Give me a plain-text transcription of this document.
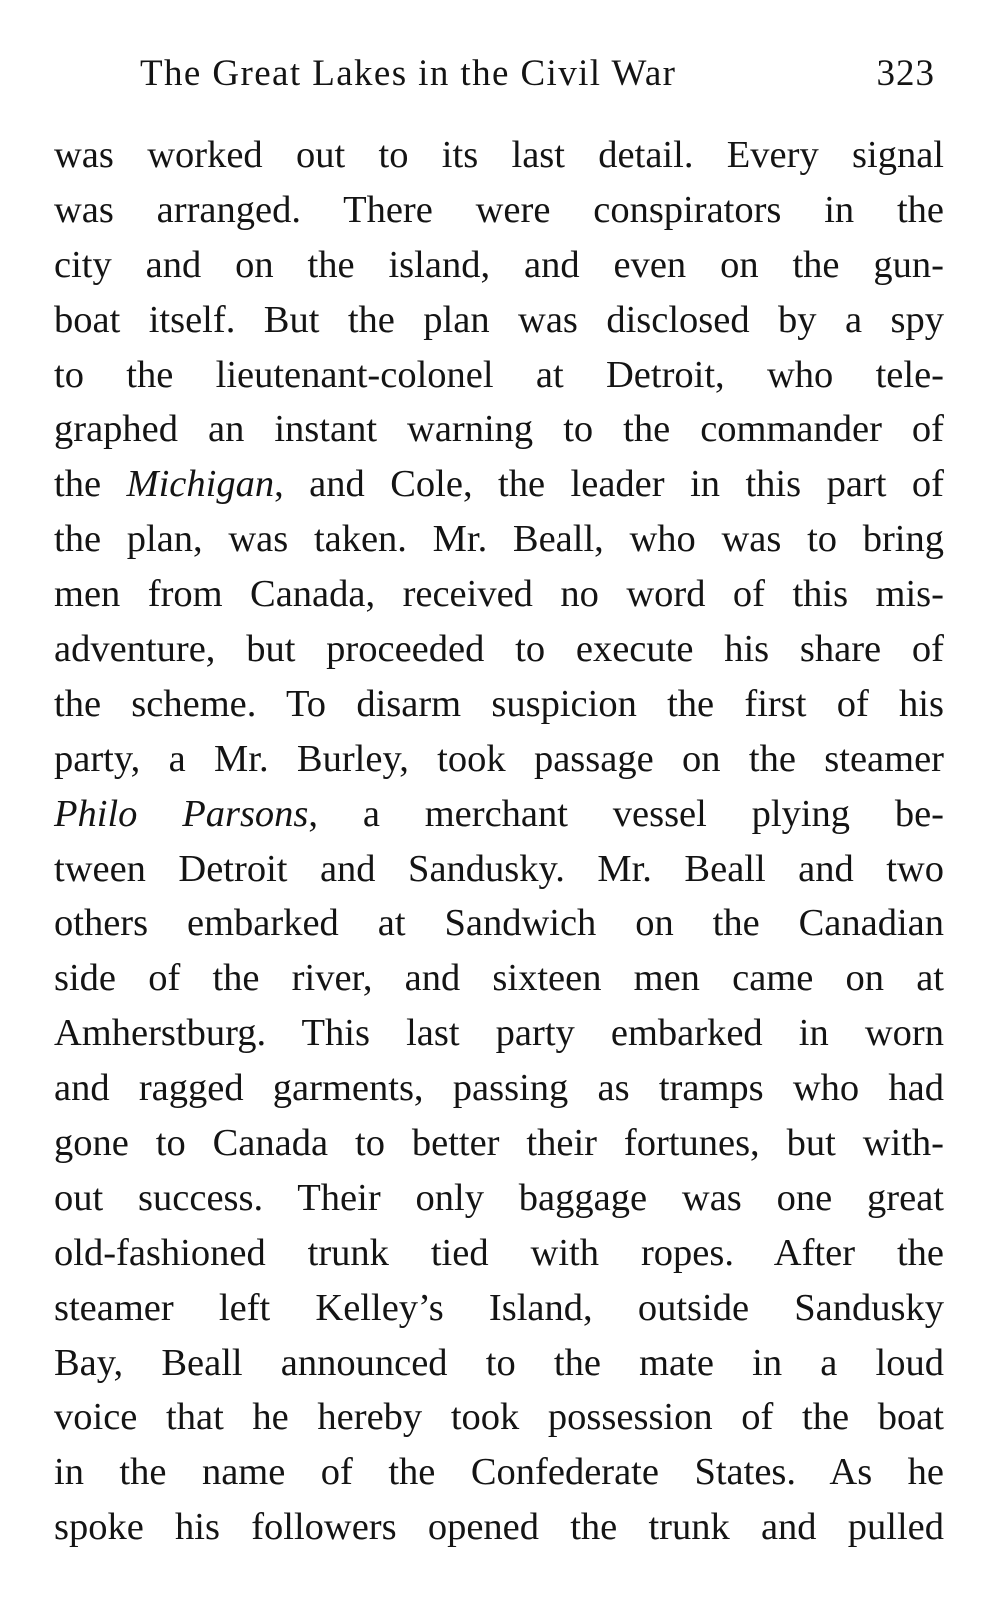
The Great Lakes in the Civil War	323
was worked out to its last detail. Every signal
was arranged. There were conspirators in the
city and on the island, and even on the gun-
boat itself. But the plan was disclosed by a spy
to the lieutenant-colonel at Detroit, who tele-
graphed an instant warning to the commander of
the Michigan, and Cole, the leader in this part of
the plan, was taken. Mr. Beall, who was to bring
men from Canada, received no word of this mis-
adventure, but proceeded to execute his share of
the scheme. To disarm suspicion the first of his
party, a Mr. Burley, took passage on the steamer
Philo Parsons, a merchant vessel plying be-
tween Detroit and Sandusky. Mr. Beall and two
others embarked at Sandwich on the Canadian
side of the river, and sixteen men came on at
Amherstburg. This last party embarked in worn
and ragged garments, passing as tramps who had
gone to Canada to better their fortunes, but with-
out success. Their only baggage was one great
old-fashioned trunk tied with ropes. After the
steamer left Kelley’s Island, outside Sandusky
Bay, Beall announced to the mate in a loud
voice that he hereby took possession of the boat
in the name of the Confederate States. As he
spoke his followers opened the trunk and pulled
